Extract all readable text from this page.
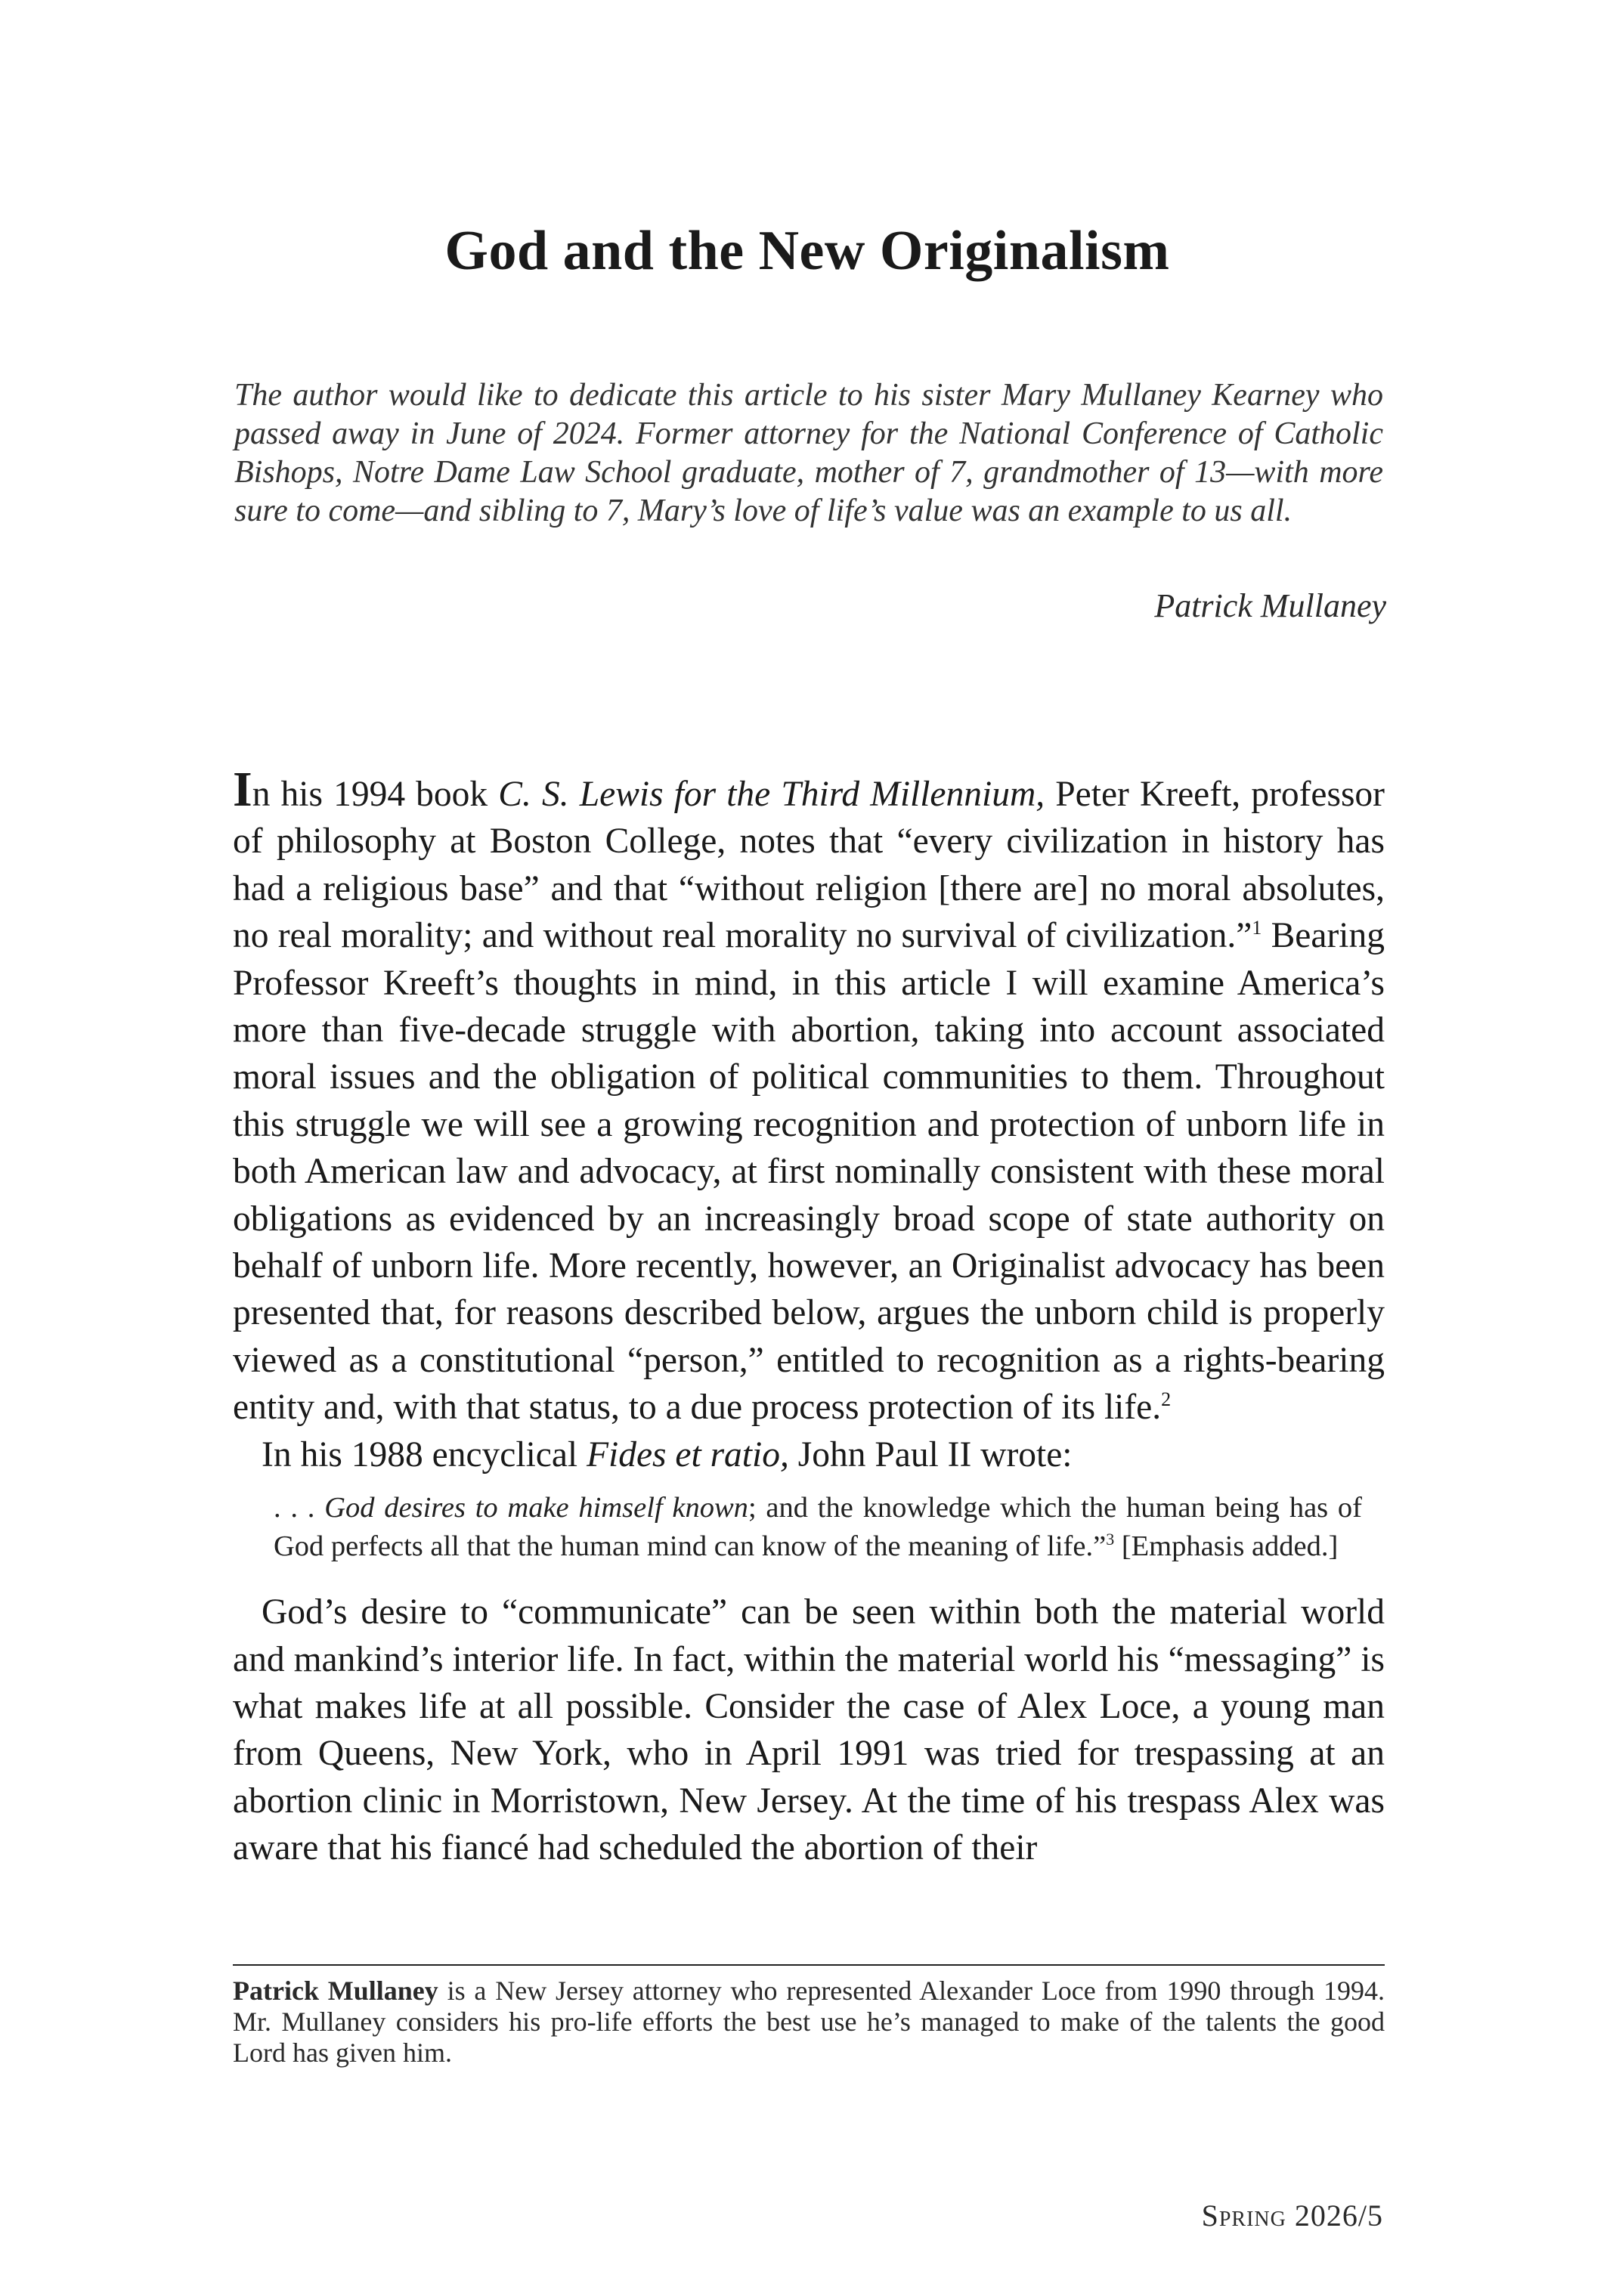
God and the New Originalism

The author would like to dedicate this article to his sister Mary Mullaney Kearney who passed away in June of 2024. Former attorney for the National Conference of Catholic Bishops, Notre Dame Law School graduate, mother of 7, grandmother of 13—with more sure to come—and sibling to 7, Mary’s love of life’s value was an example to us all.

Patrick Mullaney

In his 1994 book C. S. Lewis for the Third Millennium, Peter Kreeft, professor of philosophy at Boston College, notes that “every civilization in history has had a religious base” and that “without religion [there are] no moral absolutes, no real morality; and without real morality no survival of civilization.”$^1$ Bearing Professor Kreeft’s thoughts in mind, in this article I will examine America’s more than five-decade struggle with abortion, taking into account associated moral issues and the obligation of political communities to them. Throughout this struggle we will see a growing recognition and protection of unborn life in both American law and advocacy, at first nominally consistent with these moral obligations as evidenced by an increasingly broad scope of state authority on behalf of unborn life. More recently, however, an Originalist advocacy has been presented that, for reasons described below, argues the unborn child is properly viewed as a constitutional “person,” entitled to recognition as a rights-bearing entity and, with that status, to a due process protection of its life.$^2$

In his 1988 encyclical Fides et ratio, John Paul II wrote:

. . . God desires to make himself known; and the knowledge which the human being has of God perfects all that the human mind can know of the meaning of life.”$^3$ [Emphasis added.]

God’s desire to “communicate” can be seen within both the material world and mankind’s interior life. In fact, within the material world his “messaging” is what makes life at all possible. Consider the case of Alex Loce, a young man from Queens, New York, who in April 1991 was tried for trespassing at an abortion clinic in Morristown, New Jersey. At the time of his trespass Alex was aware that his fiancé had scheduled the abortion of their

Patrick Mullaney is a New Jersey attorney who represented Alexander Loce from 1990 through 1994. Mr. Mullaney considers his pro-life efforts the best use he’s managed to make of the talents the good Lord has given him.

Spring 2026/5
